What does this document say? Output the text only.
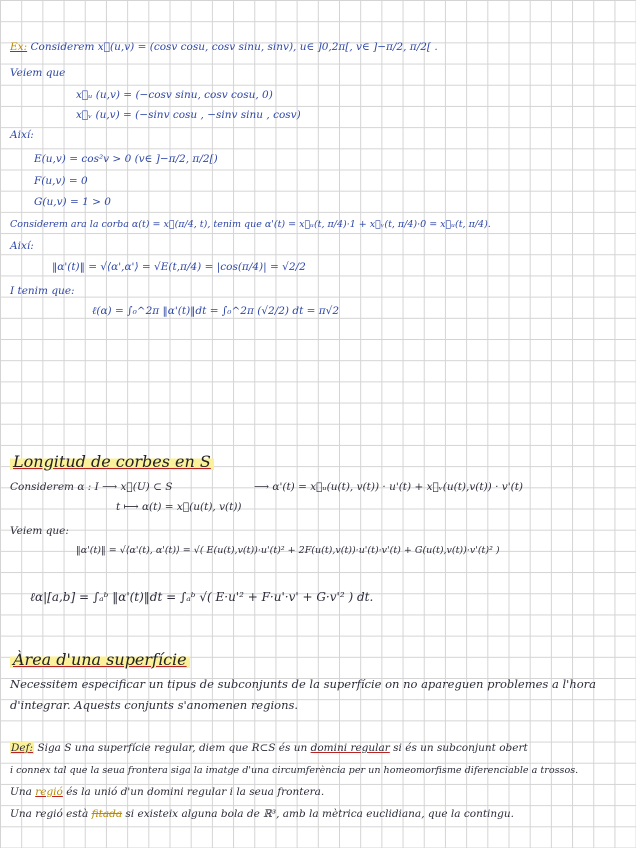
Ex: Considerem x⃗(u,v) = (cosv cosu, cosv sinu, sinv), u∈ ]0,2π[, v∈ ]−π/2, π/2[ .
Veiem que
x⃗ᵤ (u,v) = (−cosv sinu, cosv cosu, 0)
x⃗ᵥ (u,v) = (−sinv cosu , −sinv sinu , cosv)
Així:
E(u,v) = cos²v > 0 (v∈ ]−π/2, π/2[)
F(u,v) = 0
G(u,v) = 1 > 0
Considerem ara la corba α(t) = x⃗(π/4, t), tenim que α'(t) = x⃗ᵤ(t, π/4)·1 + x⃗ᵥ(t, π/4)·0 = x⃗ᵤ(t, π/4).
Així:
‖α'(t)‖ = √⟨α',α'⟩ = √E(t,π/4) = |cos(π/4)| = √2/2
I tenim que:
ℓ(α) = ∫₀^2π ‖α'(t)‖dt = ∫₀^2π (√2/2) dt = π√2
Longitud de corbes en S
Considerem α : I ⟶ x⃗(U) ⊂ S	⟶ α'(t) = x⃗ᵤ(u(t), v(t)) · u'(t) + x⃗ᵥ(u(t),v(t)) · v'(t)
t ⟼ α(t) = x⃗(u(t), v(t))
Veiem que:
‖α'(t)‖ = √⟨α'(t), α'(t)⟩ = √( E(u(t),v(t))·u'(t)² + 2F(u(t),v(t))·u'(t)·v'(t) + G(u(t),v(t))·v'(t)² )
ℓα|[a,b] = ∫ₐᵇ ‖α'(t)‖dt = ∫ₐᵇ √( E·u'² + F·u'·v' + G·v'² ) dt.
Àrea d'una superfície
Necessitem especificar un tipus de subconjunts de la superfície on no apareguen problemes a l'hora
d'integrar. Aquests conjunts s'anomenen regions.
Def: Siga S una superfície regular, diem que R⊂S és un domini regular si és un subconjunt obert
i connex tal que la seua frontera siga la imatge d'una circumferència per un homeomorfisme diferenciable a trossos.
Una regió és la unió d'un domini regular i la seua frontera.
Una regió està fitada si existeix alguna bola de ℝ³, amb la mètrica euclidiana, que la contingu.
